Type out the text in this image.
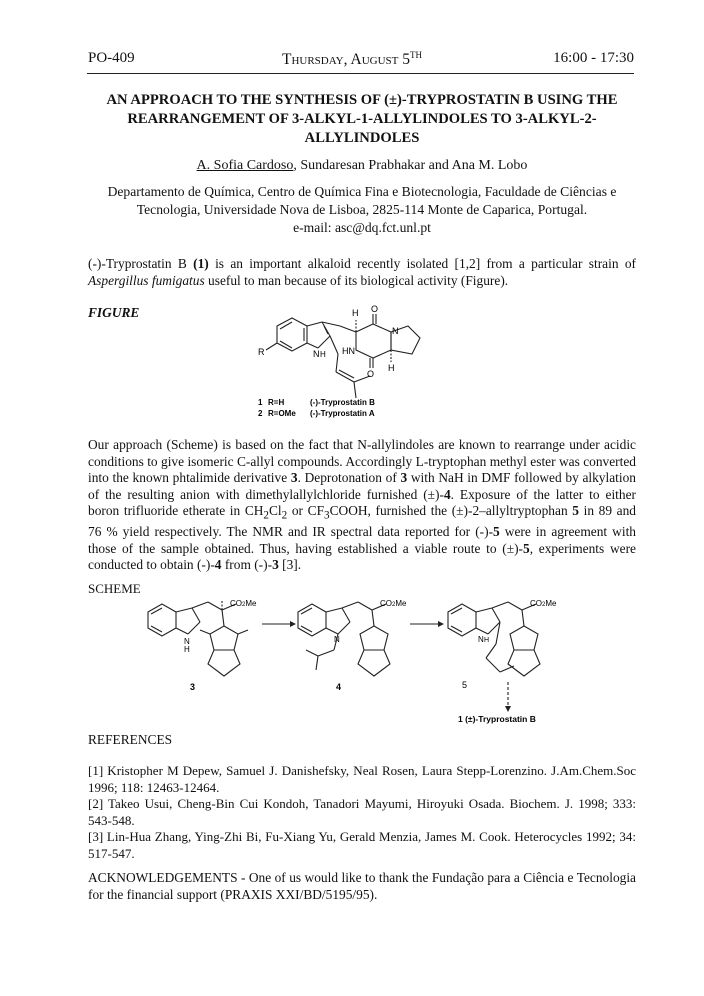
PO-409	Thursday, August 5TH	16:00 - 17:30
AN APPROACH TO THE SYNTHESIS OF (±)-TRYPROSTATIN B USING THE REARRANGEMENT OF 3-ALKYL-1-ALLYLINDOLES TO 3-ALKYL-2-ALLYLINDOLES
A. Sofia Cardoso, Sundaresan Prabhakar and Ana M. Lobo
Departamento de Química, Centro de Química Fina e Biotecnologia, Faculdade de Ciências e
Tecnologia, Universidade Nova de Lisboa, 2825-114 Monte de Caparica, Portugal.
e-mail: asc@dq.fct.unl.pt
(-)-Tryprostatin B (1) is an important alkaloid recently isolated [1,2] from a particular strain of Aspergillus fumigatus useful to man because of its biological activity (Figure).
FIGURE	H O
N
HN
O
H
N H
R
1 R=H	(-)-Tryprostatin B
2 R=OMe (-)-Tryprostatin A
Our approach (Scheme) is based on the fact that N-allylindoles are known to rearrange under acidic conditions to give isomeric C-allyl compounds. Accordingly L-tryptophan methyl ester was converted into the known phtalimide derivative 3. Deprotonation of 3 with NaH in DMF followed by alkylation of the resulting anion with dimethylallylchloride furnished (±)-4. Exposure of the latter to either boron trifluoride etherate in $CH_2Cl_2$ or $CF_3COOH$, furnished the (±)-2–allyltryptophan 5 in 89 and 76 % yield respectively. The NMR and IR spectral data reported for (-)-5 were in agreement with those of the sample obtained. Thus, having established a viable route to (±)-5, experiments were conducted to obtain (-)-4 from (-)-3 [3].
SCHEME
CO2Me	CO2Me	CO2Me
N
H
N	N H
3	4	5
1 (±)-Tryprostatin B
REFERENCES

[1] Kristopher M Depew, Samuel J. Danishefsky, Neal Rosen, Laura Stepp-Lorenzino. J.Am.Chem.Soc 1996; 118: 12463-12464.

[2] Takeo Usui, Cheng-Bin Cui Kondoh, Tanadori Mayumi, Hiroyuki Osada. Biochem. J. 1998; 333: 543-548.

[3] Lin-Hua Zhang, Ying-Zhi Bi, Fu-Xiang Yu, Gerald Menzia, James M. Cook. Heterocycles 1992; 34: 517-547.

ACKNOWLEDGEMENTS - One of us would like to thank the Fundação para a Ciência e Tecnologia for the financial support (PRAXIS XXI/BD/5195/95).
